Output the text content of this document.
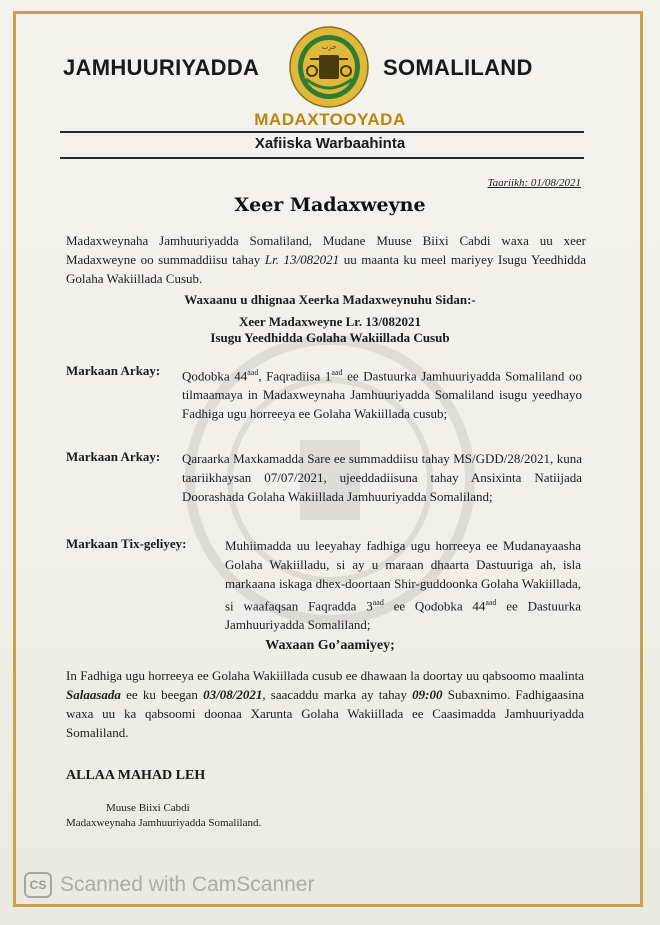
JAMHUURIYADDA
حزب
SOMALILAND
MADAXTOOYADA
Xafiiska Warbaahinta
Taariikh: 01/08/2021
Xeer Madaxweyne
Madaxweynaha Jamhuuriyadda Somaliland, Mudane Muuse Biixi Cabdi waxa uu xeer Madaxweyne oo summaddiisu tahay Lr. 13/082021 uu maanta ku meel mariyey Isugu Yeedhidda Golaha Wakiillada Cusub.
Waxaanu u dhignaa Xeerka Madaxweynuhu Sidan:-
Xeer Madaxweyne Lr. 13/082021
Isugu Yeedhidda Golaha Wakiillada Cusub
Markaan Arkay: Qodobka $44^{aad}$, Faqradiisa $1^{aad}$ ee Dastuurka Jamhuuriyadda Somaliland oo tilmaamaya in Madaxweynaha Jamhuuriyadda Somaliland isugu yeedhayo Fadhiga ugu horreeya ee Golaha Wakiillada cusub;
Markaan Arkay: Qaraarka Maxkamadda Sare ee summaddiisu tahay MS/GDD/28/2021, kuna taariikhaysan 07/07/2021, ujeeddadiisuna tahay Ansixinta Natiijada Doorashada Golaha Wakiillada Jamhuuriyadda Somaliland;
Markaan Tix-geliyey:	Muhiimadda uu leeyahay fadhiga ugu horreeya ee Mudanayaasha Golaha Wakiilladu, si ay u maraan dhaarta Dastuuriga ah, isla markaana iskaga dhex-doortaan Shir-guddoonka Golaha Wakiillada, si waafaqsan Faqradda $3^{aad}$ ee Qodobka $44^{aad}$ ee Dastuurka Jamhuuriyadda Somaliland;
Waxaan Go’aamiyey;
In Fadhiga ugu horreeya ee Golaha Wakiillada cusub ee dhawaan la doortay uu qabsoomo maalinta Salaasada ee ku beegan 03/08/2021, saacaddu marka ay tahay 09:00 Subaxnimo. Fadhigaasina waxa uu ka qabsoomi doonaa Xarunta Golaha Wakiillada ee Caasimadda Jamhuuriyadda Somaliland.
ALLAA MAHAD LEH
Muuse Biixi Cabdi
Madaxweynaha Jamhuuriyadda Somaliland.
CS Scanned with CamScanner
